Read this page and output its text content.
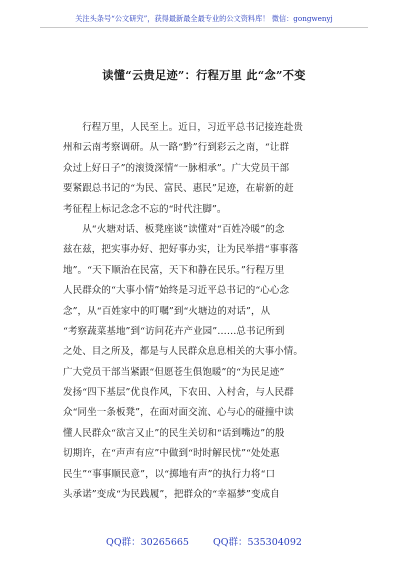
关注头条号“公文研究”，获得最新最全最专业的公文资料库！ 微信：gongwenyj
读懂“云贵足迹”：行程万里 此“念”不变
　　行程万里，人民至上。近日，习近平总书记接连赴贵
州和云南考察调研。从一路“黔”行到彩云之南，“让群
众过上好日子”的滚烫深情“一脉相承”。广大党员干部
要紧跟总书记的“为民、富民、惠民”足迹，在崭新的赶
考征程上标记念念不忘的“时代注脚”。
　　从“火塘对话、板凳座谈”读懂对“百姓冷暖”的念
兹在兹，把实事办好、把好事办实，让为民举措“事事落
地”。“天下顺治在民富，天下和静在民乐。”行程万里
人民群众的“大事小情”始终是习近平总书记的“心心念
念”，从“百姓家中的叮嘱”到“火塘边的对话”，从
“考察蔬菜基地”到“访问花卉产业园”……总书记所到
之处、目之所及，都是与人民群众息息相关的大事小情。
广大党员干部当紧跟“但愿苍生俱饱暖”的“为民足迹”
发扬“四下基层”优良作风，下农田、入村舍，与人民群
众“同坐一条板凳”，在面对面交流、心与心的碰撞中读
懂人民群众“欲言又止”的民生关切和“话到嘴边”的殷
切期许，在“声声有应”中做到“时时解民忧”“处处惠
民生”“事事顺民意”，以“掷地有声”的执行力将“口
头承诺”变成“为民践履”，把群众的“幸福梦”变成自
QQ群：30265665	QQ群：535304092
